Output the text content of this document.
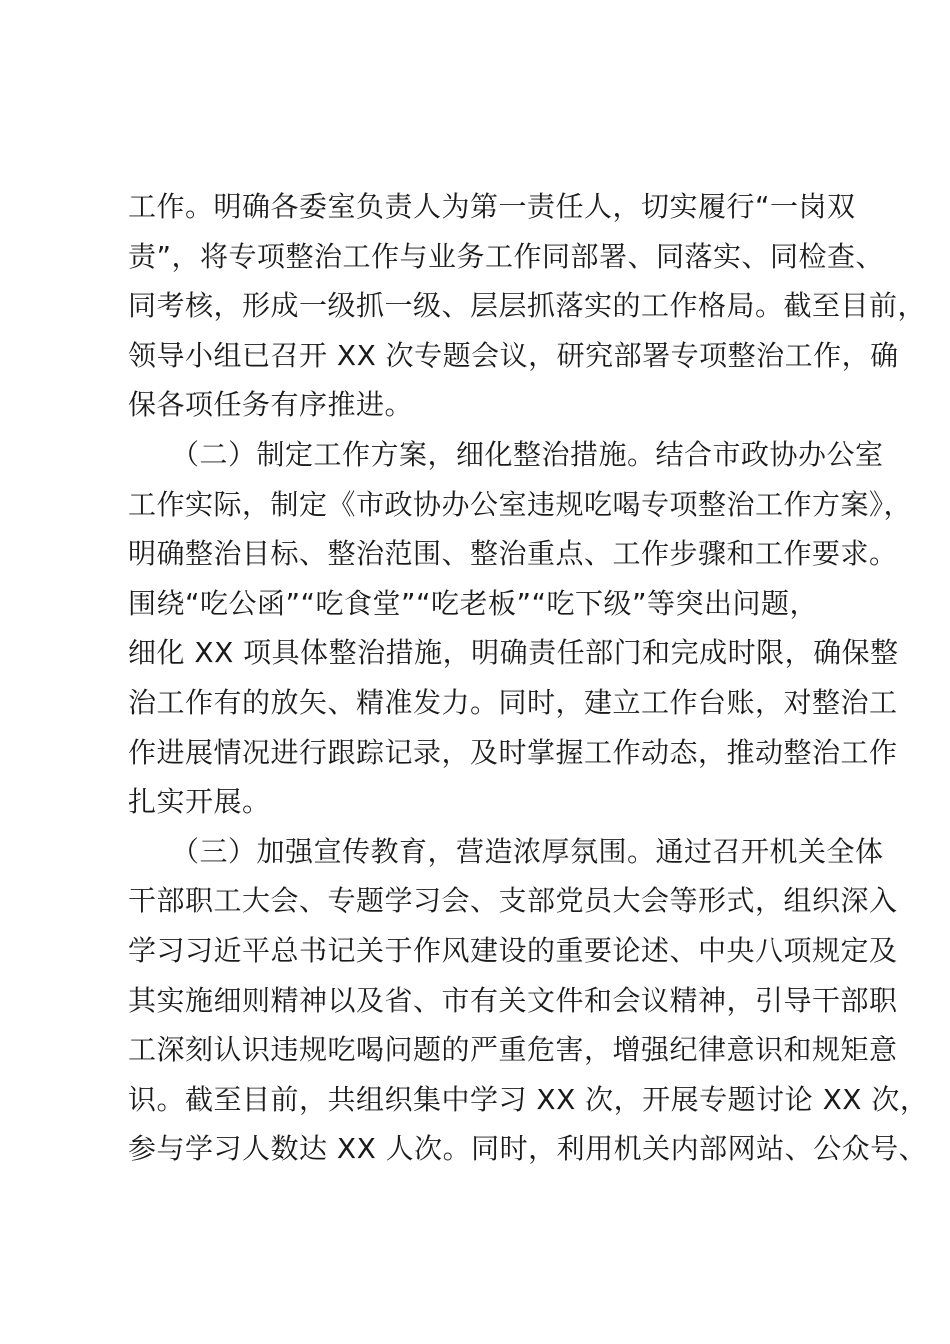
工作。明确各委室负责人为第一责任人，切实履行“一岗双
责”，将专项整治工作与业务工作同部署、同落实、同检查、
同考核，形成一级抓一级、层层抓落实的工作格局。截至目前，
领导小组已召开 XX 次专题会议，研究部署专项整治工作，确
保各项任务有序推进。
　　（二）制定工作方案，细化整治措施。结合市政协办公室
工作实际，制定《市政协办公室违规吃喝专项整治工作方案》，
明确整治目标、整治范围、整治重点、工作步骤和工作要求。
围绕“吃公函”“吃食堂”“吃老板”“吃下级”等突出问题，
细化 XX 项具体整治措施，明确责任部门和完成时限，确保整
治工作有的放矢、精准发力。同时，建立工作台账，对整治工
作进展情况进行跟踪记录，及时掌握工作动态，推动整治工作
扎实开展。
　　（三）加强宣传教育，营造浓厚氛围。通过召开机关全体
干部职工大会、专题学习会、支部党员大会等形式，组织深入
学习习近平总书记关于作风建设的重要论述、中央八项规定及
其实施细则精神以及省、市有关文件和会议精神，引导干部职
工深刻认识违规吃喝问题的严重危害，增强纪律意识和规矩意
识。截至目前，共组织集中学习 XX 次，开展专题讨论 XX 次，
参与学习人数达 XX 人次。同时，利用机关内部网站、公众号、
